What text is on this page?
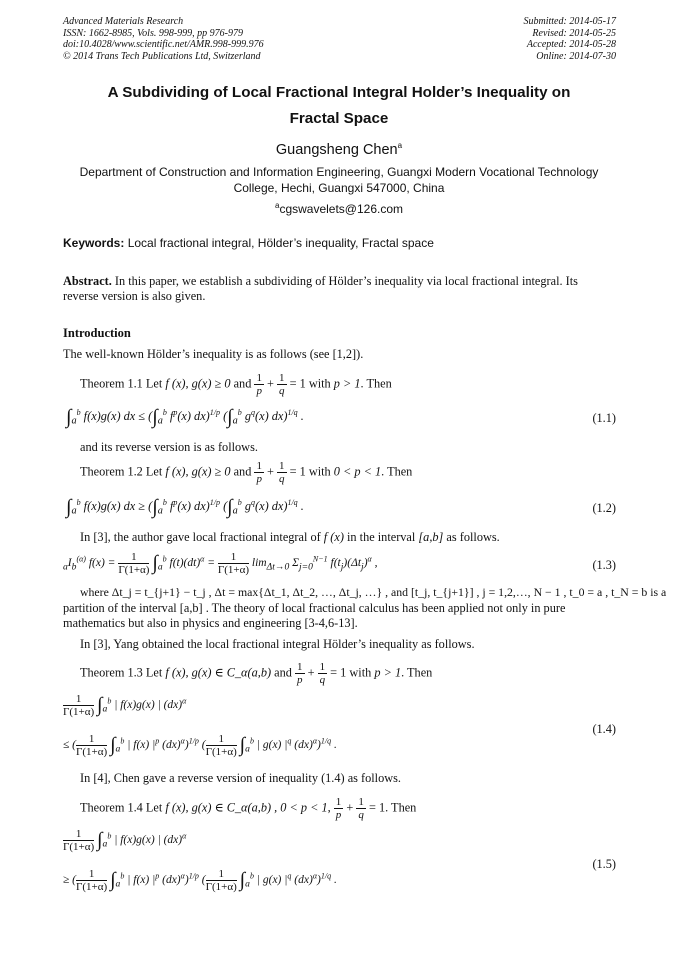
Advanced Materials Research
ISSN: 1662-8985, Vols. 998-999, pp 976-979
doi:10.4028/www.scientific.net/AMR.998-999.976
© 2014 Trans Tech Publications Ltd, Switzerland
Submitted: 2014-05-17
Revised: 2014-05-25
Accepted: 2014-05-28
Online: 2014-07-30
A Subdividing of Local Fractional Integral Holder’s Inequality on
Fractal Space
Guangsheng Chen$^a$
Department of Construction and Information Engineering, Guangxi Modern Vocational Technology
College, Hechi, Guangxi 547000, China
$^a$cgswavelets@126.com
Keywords: Local fractional integral, Hölder’s inequality, Fractal space
Abstract. In this paper, we establish a subdividing of Hölder’s inequality via local fractional integral. Its reverse version is also given.
Introduction
The well-known Hölder’s inequality is as follows (see [1,2]).
Theorem 1.1 Let f (x), g(x) ≥ 0 and $\frac{1}{p} + \frac{1}{q} = 1$ with p > 1. Then
$\int_a^b$ f(x)g(x) dx ≤ ($\int_a^b$ $f^p(x)$ dx)$^{1/p}$ ($\int_a^b$ $g^q(x)$ dx)$^{1/q}$ .	(1.1)
and its reverse version is as follows.
Theorem 1.2 Let f (x), g(x) ≥ 0 and $\frac{1}{p} + \frac{1}{q} = 1$ with 0 < p < 1. Then
$\int_a^b$ f(x)g(x) dx ≥ ($\int_a^b$ $f^p(x)$ dx)$^{1/p}$ ($\int_a^b$ $g^q(x)$ dx)$^{1/q}$ .	(1.2)
In [3], the author gave local fractional integral of f (x) in the interval [a,b] as follows.
$_aI_b^{(\alpha)}$ $f(x) = \frac{1}{\Gamma(1+\alpha)} \int_a^b$ $f(t)(dt)^\alpha = \frac{1}{\Gamma(1+\alpha)} \lim_{\Delta t\to 0} \Sigma_{j=0}^{N-1}$ $f(t_j)(\Delta t_j)^\alpha$ ,	(1.3)
where Δt_j = t_{j+1} − t_j , Δt = max{Δt_1, Δt_2, …, Δt_j, …} , and [t_j, t_{j+1}] , j = 1,2,…, N − 1 , t_0 = a , t_N = b is a
partition of the interval [a,b] . The theory of local fractional calculus has been applied not only in pure mathematics but also in physics and engineering [3-4,6-13].
In [3], Yang obtained the local fractional integral Hölder’s inequality as follows.
Theorem 1.3 Let f (x), g(x) ∈ C_α(a,b) and $\frac{1}{p} + \frac{1}{q} = 1$ with p > 1. Then
$\frac{1}{\Gamma(1+\alpha)} \int_a^b$ | f(x)g(x) | (dx)$^\alpha$
≤ ( $\frac{1}{\Gamma(1+\alpha)} \int_a^b$ | f(x) $|^p$ (dx)$^\alpha$)$^{1/p}$ ( $\frac{1}{\Gamma(1+\alpha)} \int_a^b$ | g(x) $|^q$ (dx)$^\alpha$)$^{1/q}$ .
(1.4)
In [4], Chen gave a reverse version of inequality (1.4) as follows.
Theorem 1.4 Let f (x), g(x) ∈ C_α(a,b) , 0 < p < 1, $\frac{1}{p} + \frac{1}{q} = 1$. Then
$\frac{1}{\Gamma(1+\alpha)} \int_a^b$ | f(x)g(x) | (dx)$^\alpha$
≥ ( $\frac{1}{\Gamma(1+\alpha)} \int_a^b$ | f(x) $|^p$ (dx)$^\alpha$)$^{1/p}$ ( $\frac{1}{\Gamma(1+\alpha)} \int_a^b$ | g(x) $|^q$ (dx)$^\alpha$)$^{1/q}$ .
(1.5)
